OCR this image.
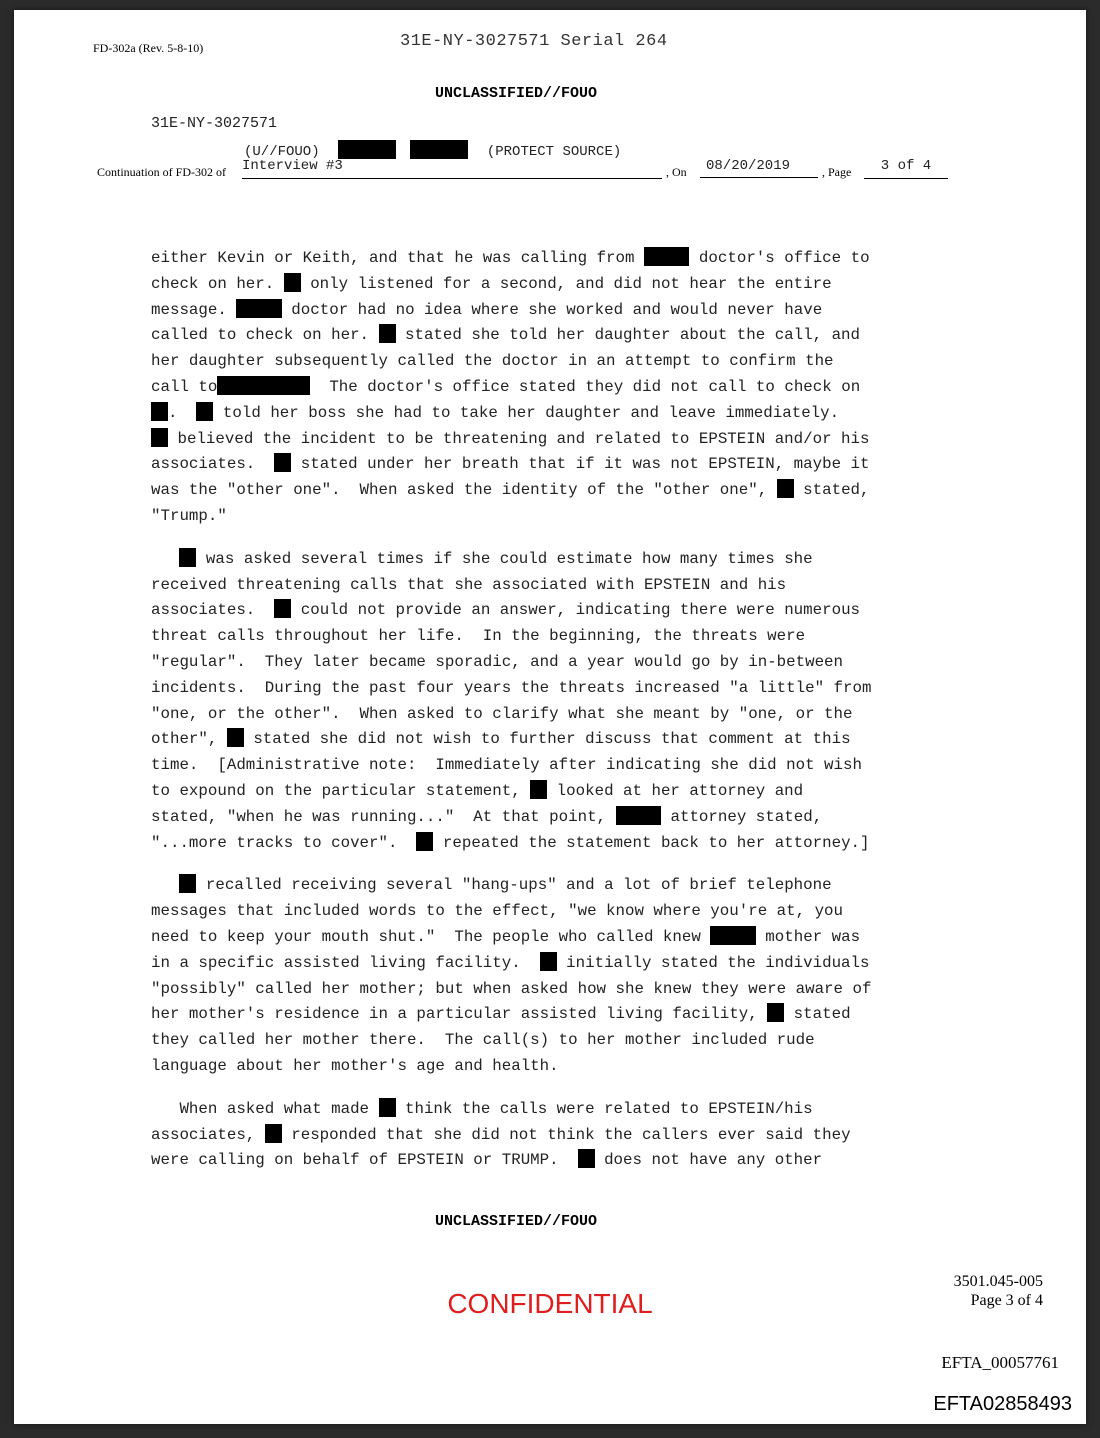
FD-302a (Rev. 5-8-10)	31E-NY-3027571 Serial 264
UNCLASSIFIED//FOUO
31E-NY-3027571
(U//FOUO)	(PROTECT SOURCE)
Continuation of FD-302 of Interview #3	, On	08/20/2019	, Page	3 of 4

either Kevin or Keith, and that he was calling from	doctor's office to
check on her.  only listened for a second, and did not hear the entire
message.	doctor had no idea where she worked and would never have
called to check on her.  stated she told her daughter about the call, and
her daughter subsequently called the doctor in an attempt to confirm the
call to	The doctor's office stated they did not call to check on
.   told her boss she had to take her daughter and leave immediately.
believed the incident to be threatening and related to EPSTEIN and/or his
associates.   stated under her breath that if it was not EPSTEIN, maybe it
was the "other one".  When asked the identity of the "other one",  stated,
"Trump."

was asked several times if she could estimate how many times she
received threatening calls that she associated with EPSTEIN and his
associates.   could not provide an answer, indicating there were numerous
threat calls throughout her life.  In the beginning, the threats were
"regular".  They later became sporadic, and a year would go by in-between
incidents.  During the past four years the threats increased "a little" from
"one, or the other".  When asked to clarify what she meant by "one, or the
other",  stated she did not wish to further discuss that comment at this
time.  [Administrative note:  Immediately after indicating she did not wish
to expound on the particular statement,  looked at her attorney and
stated, "when he was running..."  At that point,	attorney stated,
"...more tracks to cover".   repeated the statement back to her attorney.]

recalled receiving several "hang-ups" and a lot of brief telephone
messages that included words to the effect, "we know where you're at, you
need to keep your mouth shut."  The people who called knew	mother was
in a specific assisted living facility.   initially stated the individuals
"possibly" called her mother; but when asked how she knew they were aware of
her mother's residence in a particular assisted living facility,  stated
they called her mother there.  The call(s) to her mother included rude
language about her mother's age and health.

When asked what made  think the calls were related to EPSTEIN/his
associates,  responded that she did not think the callers ever said they
were calling on behalf of EPSTEIN or TRUMP.   does not have any other

UNCLASSIFIED//FOUO
3501.045-005
Page 3 of 4
CONFIDENTIAL
EFTA_00057761
EFTA02858493
